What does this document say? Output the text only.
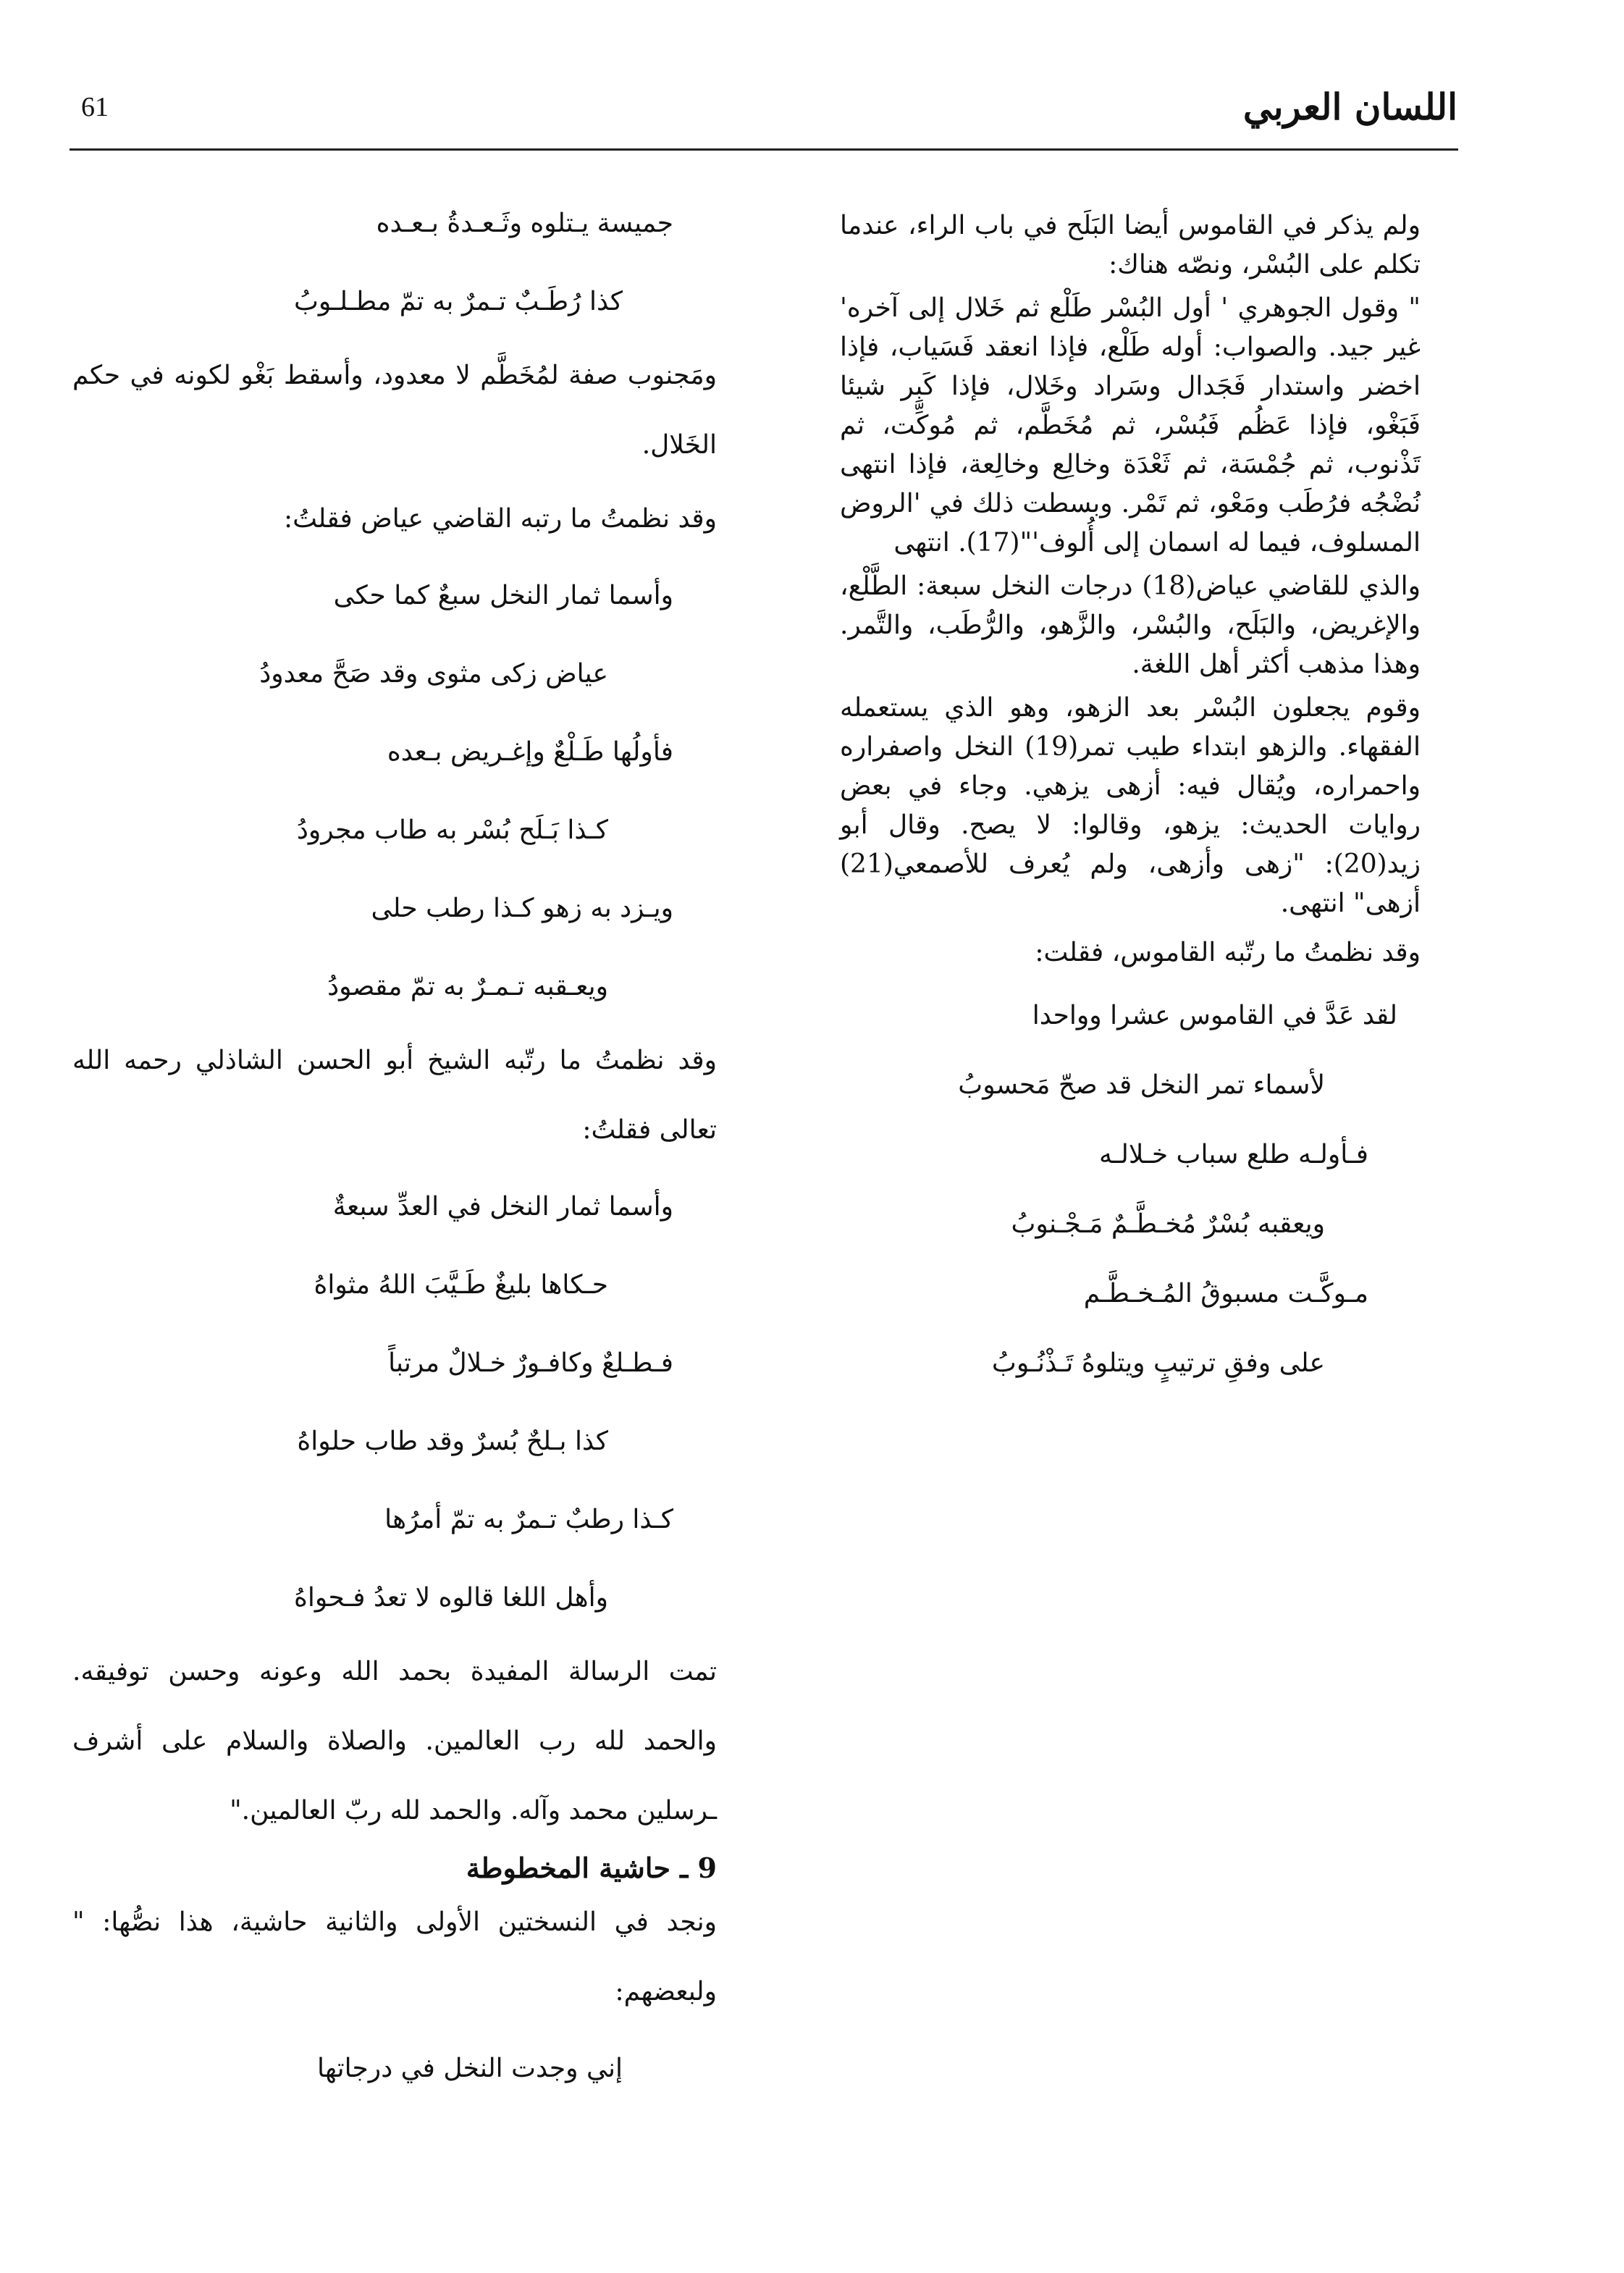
61	اللسان العربي

ولم يذكر في القاموس أيضا البَلَح في باب الراء، عندما تكلم على البُسْر، ونصّه هناك:

" وقول الجوهري ' أول البُسْر طَلْع ثم خَلال إلى آخره' غير جيد. والصواب: أوله طَلْع، فإذا انعقد فَسَياب، فإذا اخضر واستدار فَجَدال وسَراد وخَلال، فإذا كَبِر شيئا فَبَغْو، فإذا عَظُم فَبُسْر، ثم مُخَطَّم، ثم مُوكِّت، ثم تَذْنوب، ثم جُمْسَة، ثم ثَعْدَة وخالِع وخالِعة، فإذا انتهى نُضْجُه فرُطَب ومَعْو، ثم تَمْر. وبسطت ذلك في 'الروض المسلوف، فيما له اسمان إلى أُلوف'"(17). انتهى

والذي للقاضي عياض(18) درجات النخل سبعة: الطَّلْع، والإغريض، والبَلَح، والبُسْر، والزَّهو، والرُّطَب، والتَّمر. وهذا مذهب أكثر أهل اللغة.

وقوم يجعلون البُسْر بعد الزهو، وهو الذي يستعمله الفقهاء. والزهو ابتداء طيب تمر(19) النخل واصفراره واحمراره، ويُقال فيه: أزهى يزهي. وجاء في بعض روايات الحديث: يزهو، وقالوا: لا يصح. وقال أبو زيد(20): "زهى وأزهى، ولم يُعرف للأصمعي(21) أزهى" انتهى.

وقد نظمتُ ما رتّبه القاموس، فقلت:

لقد عَدَّ في القاموس عشرا وواحدا

لأسماء تمر النخل قد صحّ مَحسوبُ

فـأولـه طلع سباب خـلالـه

ويعقبه بُسْرٌ مُخـطَّـمٌ مَـجْـنوبُ

مـوكَّـت مسبوقُ المُـخـطَّـم

على وفقِ ترتيبٍ ويتلوهُ تَـذْنُـوبُ

جميسة يـتلوه وثَـعـدةُ بـعـده

كذا رُطَـبٌ تـمرٌ به تمّ مطـلـوبُ

ومَجنوب صفة لمُخَطَّم لا معدود، وأسقط بَغْو لكونه في حكم الخَلال.

وقد نظمتُ ما رتبه القاضي عياض فقلتُ:

وأسما ثمار النخل سبعٌ كما حكى

عياض زكى مثوى وقد صَحَّ معدودُ

فأولُها طَـلْعٌ وإغـريض بـعده

كـذا بَـلَح بُسْر به طاب مجرودُ

ويـزد به زهو كـذا رطب حلى

ويعـقبه تـمـرٌ به تمّ مقصودُ

وقد نظمتُ ما رتّبه الشيخ أبو الحسن الشاذلي رحمه الله تعالى فقلتُ:

وأسما ثمار النخل في العدِّ سبعةٌ

حـكاها بليغٌ طَـيَّبَ اللهُ مثواهُ

فـطـلعٌ وكافـورٌ خـلالٌ مرتباً

كذا بـلحٌ بُسرٌ وقد طاب حلواهُ

كـذا رطبٌ تـمرٌ به تمّ أمرُها

وأهل اللغا قالوه لا تعدُ فـحواهُ

تمت الرسالة المفيدة بحمد الله وعونه وحسن توفيقه. والحمد لله رب العالمين. والصلاة والسلام على أشرف ـرسلين محمد وآله. والحمد لله ربّ العالمين."

9 ـ حاشية المخطوطة

ونجد في النسختين الأولى والثانية حاشية، هذا نصُّها: " ولبعضهم:

إني وجدت النخل في درجاتها
